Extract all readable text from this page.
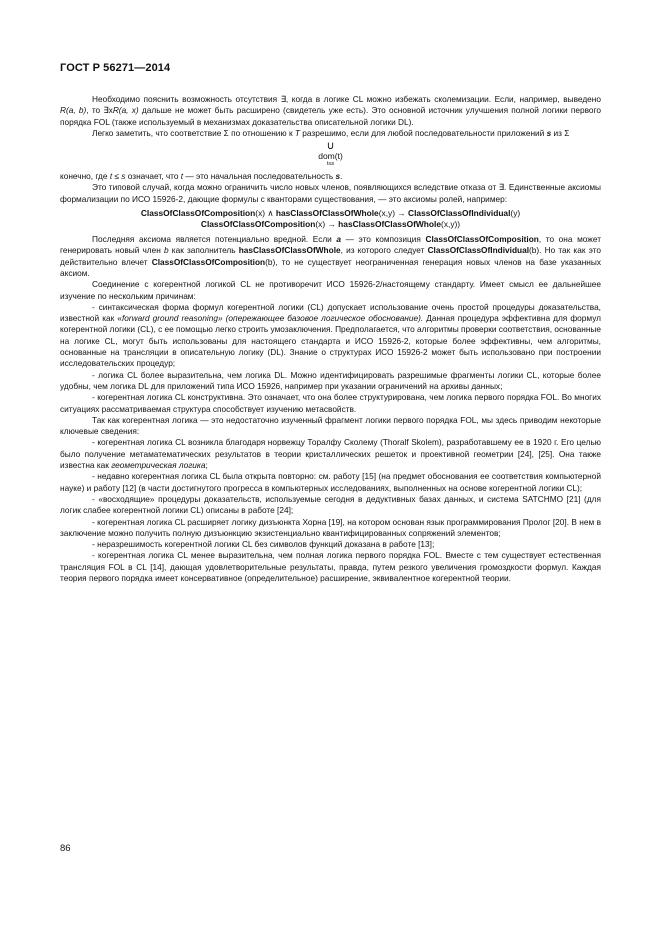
ГОСТ Р 56271—2014

Необходимо пояснить возможность отсутствия ∃, когда в логике CL можно избежать сколемизации. Если, например, выведено R(a, b), то ∃xR(a, x) дальше не может быть расширено (свидетель уже есть). Это основной источник улучшения полной логики первого порядка FOL (также используемый в механизмах доказательства описательной логики DL).

Легко заметить, что соответствие Σ по отношению к T разрешимо, если для любой последовательности приложений s из Σ

∪
dom(t)
t≤s

конечно, где t ≤ s означает, что t — это начальная последовательность s.

Это типовой случай, когда можно ограничить число новых членов, появляющихся вследствие отказа от ∃. Единственные аксиомы формализации по ИСО 15926-2, дающие формулы с кванторами существования, — это аксиомы ролей, например:

ClassOfClassOfComposition(x) ∧ hasClassOfClassOfWhole(x,y) → ClassOfClassOfIndividual(y)
ClassOfClassOfComposition(x) → hasClassOfClassOfWhole(x,y))

Последняя аксиома является потенциально вредной. Если a — это композиция ClassOfClassOfComposition, то она может генерировать новый член b как заполнитель hasClassOfClassOfWhole, из которого следует ClassOfClassOfIndividual(b). Но так как это действительно влечет ClassOfClassOfComposition(b), то не существует неограниченная генерация новых членов на базе указанных аксиом.

Соединение с когерентной логикой CL не противоречит ИСО 15926-2/настоящему стандарту. Имеет смысл ее дальнейшее изучение по нескольким причинам:

- синтаксическая форма формул когерентной логики (CL) допускает использование очень простой процедуры доказательства, известной как «forward ground reasoning» (опережающее базовое логическое обоснование). Данная процедура эффективна для формул когерентной логики (CL), с ее помощью легко строить умозаключения. Предполагается, что алгоритмы проверки соответствия, основанные на логике CL, могут быть использованы для настоящего стандарта и ИСО 15926-2, которые более эффективны, чем алгоритмы, основанные на трансляции в описательную логику (DL). Знание о структурах ИСО 15926-2 может быть использовано при построении исследовательских процедур;

- логика CL более выразительна, чем логика DL. Можно идентифицировать разрешимые фрагменты логики CL, которые более удобны, чем логика DL для приложений типа ИСО 15926, например при указании ограничений на архивы данных;

- когерентная логика CL конструктивна. Это означает, что она более структурирована, чем логика первого порядка FOL. Во многих ситуациях рассматриваемая структура способствует изучению метасвойств.

Так как когерентная логика — это недостаточно изученный фрагмент логики первого порядка FOL, мы здесь приводим некоторые ключевые сведения:

- когерентная логика CL возникла благодаря норвежцу Торалфу Сколему (Thoralf Skolem), разработавшему ее в 1920 г. Его целью было получение метаматематических результатов в теории кристаллических решеток и проективной геометрии [24], [25]. Она также известна как геометрическая логика;

- недавно когерентная логика CL была открыта повторно: см. работу [15] (на предмет обоснования ее соответствия компьютерной науке) и работу [12] (в части достигнутого прогресса в компьютерных исследованиях, выполненных на основе когерентной логики CL);

- «восходящие» процедуры доказательств, используемые сегодня в дедуктивных базах данных, и система SATCHMO [21] (для логик слабее когерентной логики CL) описаны в работе [24];

- когерентная логика CL расширяет логику дизъюнкта Хорна [19], на котором основан язык программирования Пролог [20]. В нем в заключение можно получить полную дизъюнкцию экзистенциально квантифицированных сопряжений элементов;

- неразрешимость когерентной логики CL без символов функций доказана в работе [13];

- когерентная логика CL менее выразительна, чем полная логика первого порядка FOL. Вместе с тем существует естественная трансляция FOL в CL [14], дающая удовлетворительные результаты, правда, путем резкого увеличения громоздкости формул. Каждая теория первого порядка имеет консервативное (определительное) расширение, эквивалентное когерентной теории.

86
